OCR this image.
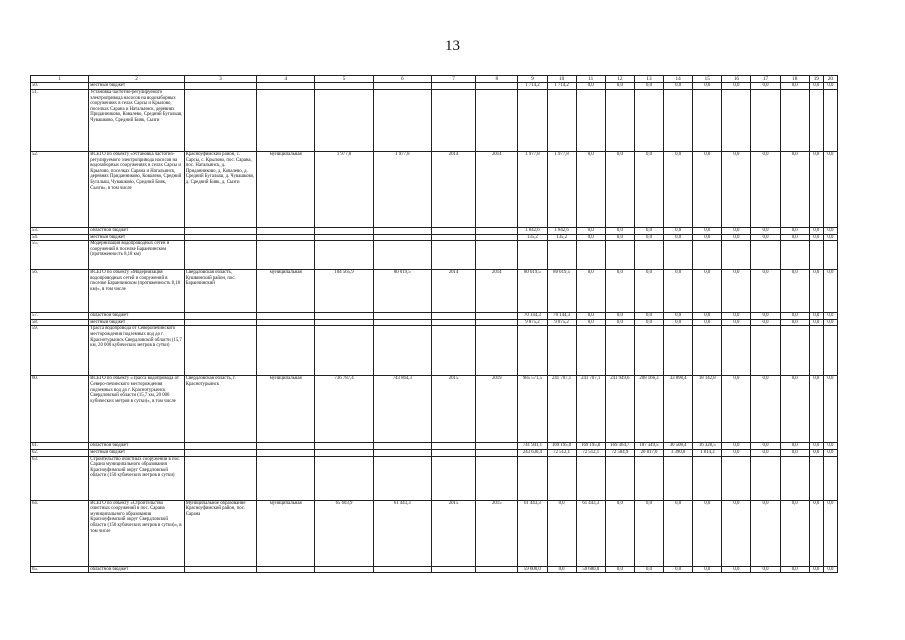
13
1	2	3	4	5	6	7	8	9	10	11	12	13	14	15	16	17	18	19	20
50.	местный бюджет							1 714,2	1 714,2	0,0	0,0	0,0	0,0	0,0	0,0	0,0	0,0	0,0	0,0
51.	Установка частотно-регулируемого электропривода насосов на водозаборных сооружениях в селах Сарсы и Крылово, поселках Сарана и Натальинск, деревнях Приданниково, Ковалево, Средний Бугалыш, Чувашково, Средний Бияк, Сызги																		
52.	ВСЕГО по объекту «Установка частотно-регулируемого электропривода насосов на водозаборных сооружениях в селах Сарсы и Крылово, поселках Сарана и Натальинск, деревнях Приданниково, Ковалево, Средний Бугалыш, Чувашково, Средний Бияк, Сызги», в том числе	Красноуфимский район, с. Сарсы, с. Крылово, пос. Сарана, пос. Натальинск, д. Приданниково, д. Ковалево, д. Средний Бугалыш, д. Чувашково, д. Средний Бияк, д. Сызги	муниципальная	1 977,8	1 977,8	2014	2014	1 977,8	1 977,8	0,0	0,0	0,0	0,0	0,0	0,0	0,0	0,0	0,0	0,0
53.	областной бюджет							1 842,6	1 842,6	0,0	0,0	0,0	0,0	0,0	0,0	0,0	0,0	0,0	0,0
54.	местный бюджет							135,2	135,2	0,0	0,0	0,0	0,0	0,0	0,0	0,0	0,0	0,0	0,0
55.	Модернизация водопроводных сетей и сооружений в поселке Баранчинском (протяженность 8,18 км)																		
56.	ВСЕГО по объекту «Модернизация водопроводных сетей и сооружений в поселке Баранчинском (протяженность 8,18 км)», в том числе	Свердловская область, Кушвинский район, пос. Баранчинский	муниципальная	104 565,9	80 019,5	2014	2014	80 019,5	80 019,5	0,0	0,0	0,0	0,0	0,0	0,0	0,0	0,0	0,0	0,0
57.	областной бюджет							70 144,3	70 144,3	0,0	0,0	0,0	0,0	0,0	0,0	0,0	0,0	0,0	0,0
58.	местный бюджет							9 875,2	9 875,2	0,0	0,0	0,0	0,0	0,0	0,0	0,0	0,0	0,0	0,0
59.	Трасса водопровода от Северопечинского месторождения подземных вод до г. Краснотурьинск Свердловской области (15,7 км, 20 000 кубических метров в сутки)																		
60.	ВСЕГО по объекту «Трасса водопровода от Северо-печинского месторождения подземных вод до г. Краснотурьинск Свердловской области (15,7 км, 20 000 кубических метров в сутки)», в том числе	Свердловская область, г. Краснотурьинск	муниципальная	736 787,4	743 864,3	2015	2019	985 571,5	241 707,1	241 707,1	241 949,6	208 166,3	33 898,4	18 142,8	0,0	0,0	0,0	0,0	0,0
61.	областной бюджет							741 941,1	169 195,0	169 195,0	169 364,7	187 349,5	30 508,4	16 328,5	0,0	0,0	0,0	0,0	0,0
62.	местный бюджет							243 630,4	72 512,1	72 512,1	72 584,9	20 817,0	3 390,0	1 814,3	0,0	0,0	0,0	0,0	0,0
63.	Строительство очистных сооружений в пос. Сарана муниципального образования Красноуфимский округ Свердловской области (150 кубических метров в сутки)																		
64.	ВСЕГО по объекту «Строительство очистных сооружений в пос. Сарана муниципального образования Красноуфимский округ Свердловской области (150 кубических метров в сутки)», в том числе	Муниципальное образование Красноуфимский район, пос. Сарана	муниципальная	65 603,9	61 443,3	2015	2015	61 443,3	0,0	61 443,3	0,0	0,0	0,0	0,0	0,0	0,0	0,0	0,0	0,0
65.	областной бюджет							59 600,0	0,0	59 600,0	0,0	0,0	0,0	0,0	0,0	0,0	0,0	0,0	0,0
